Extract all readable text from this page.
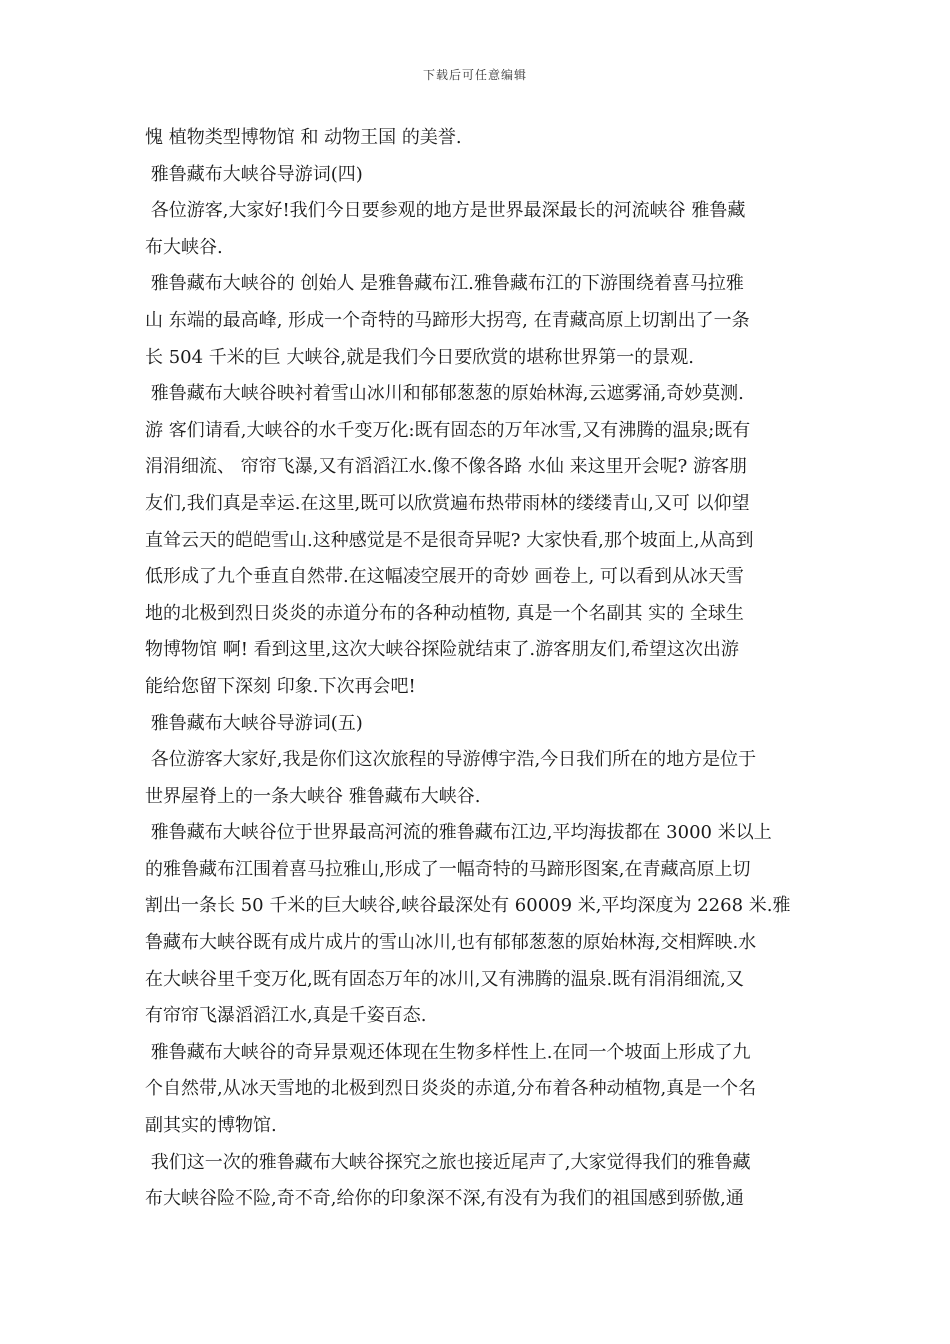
下载后可任意编辑
愧 植物类型博物馆 和 动物王国 的美誉.
雅鲁藏布大峡谷导游词(四)
各位游客,大家好!我们今日要参观的地方是世界最深最长的河流峡谷 雅鲁藏
布大峡谷.
雅鲁藏布大峡谷的 创始人 是雅鲁藏布江.雅鲁藏布江的下游围绕着喜马拉雅
山 东端的最高峰, 形成一个奇特的马蹄形大拐弯, 在青藏高原上切割出了一条
长 504 千米的巨 大峡谷,就是我们今日要欣赏的堪称世界第一的景观.
雅鲁藏布大峡谷映衬着雪山冰川和郁郁葱葱的原始林海,云遮雾涌,奇妙莫测.
游 客们请看,大峡谷的水千变万化:既有固态的万年冰雪,又有沸腾的温泉;既有
涓涓细流、 帘帘飞瀑,又有滔滔江水.像不像各路 水仙 来这里开会呢? 游客朋
友们,我们真是幸运.在这里,既可以欣赏遍布热带雨林的缕缕青山,又可 以仰望
直耸云天的皑皑雪山.这种感觉是不是很奇异呢? 大家快看,那个坡面上,从高到
低形成了九个垂直自然带.在这幅凌空展开的奇妙 画卷上, 可以看到从冰天雪
地的北极到烈日炎炎的赤道分布的各种动植物, 真是一个名副其 实的 全球生
物博物馆 啊! 看到这里,这次大峡谷探险就结束了.游客朋友们,希望这次出游
能给您留下深刻 印象.下次再会吧!
雅鲁藏布大峡谷导游词(五)
各位游客大家好,我是你们这次旅程的导游傅宇浩,今日我们所在的地方是位于
世界屋脊上的一条大峡谷 雅鲁藏布大峡谷.
雅鲁藏布大峡谷位于世界最高河流的雅鲁藏布江边,平均海拔都在 3000 米以上
的雅鲁藏布江围着喜马拉雅山,形成了一幅奇特的马蹄形图案,在青藏高原上切
割出一条长 50 千米的巨大峡谷,峡谷最深处有 60009 米,平均深度为 2268 米.雅
鲁藏布大峡谷既有成片成片的雪山冰川,也有郁郁葱葱的原始林海,交相辉映.水
在大峡谷里千变万化,既有固态万年的冰川,又有沸腾的温泉.既有涓涓细流,又
有帘帘飞瀑滔滔江水,真是千姿百态.
雅鲁藏布大峡谷的奇异景观还体现在生物多样性上.在同一个坡面上形成了九
个自然带,从冰天雪地的北极到烈日炎炎的赤道,分布着各种动植物,真是一个名
副其实的博物馆.
我们这一次的雅鲁藏布大峡谷探究之旅也接近尾声了,大家觉得我们的雅鲁藏
布大峡谷险不险,奇不奇,给你的印象深不深,有没有为我们的祖国感到骄傲,通
